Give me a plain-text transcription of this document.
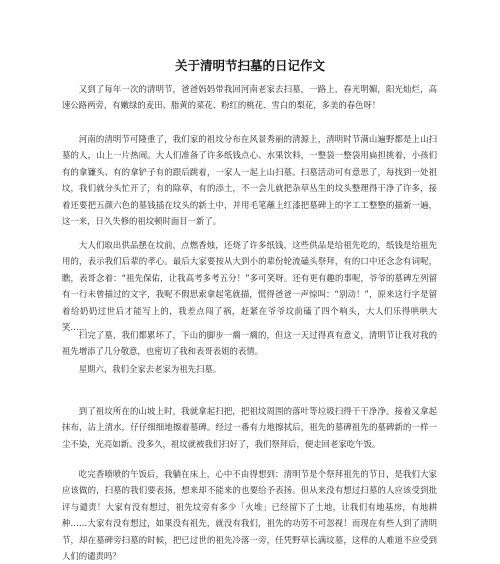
关于清明节扫墓的日记作文

又到了每年一次的清明节，爸爸妈妈带我回河南老家去扫墓，一路上，春光明媚，阳光灿烂，高速公路两旁，有嫩绿的麦田、脂黄的菜花、粉红的桃花、雪白的梨花，多美的春色呀！

河南的清明节可隆重了，我们家的祖坟分布在风景秀丽的清源上，清明时节满山遍野都是上山扫墓的人，山上一片热闹。大人们准备了许多纸钱点心、水果饮料，一整袋一整袋用扁担挑着，小孩们有的拿镰头、有的拿铲子有的跟后跳着，一家人一起上山扫墓。扫墓活动可有意思了，每找到一处祖坟，我们就分头忙开了，有的除草，有的添土，不一会儿就把杂草丛生的坟头整理得干净了许多，接着还要把五颜六色的墓钱插在坟头的新土中，并用毛笔蘸上红漆把墓碑上的字工工整整的描新一遍，这一来，日久失修的祖坟顿时面目一新了。

大人们取出供品摆在坟前，点燃香烛，还烧了许多纸钱，这些供品是给祖先吃的，纸钱是给祖先用的，表示我们后辈的孝心。最后大家要按从大到小的辈份轮流磕头祭拜，有的口中还念念有词呢，瞧，表哥念着：“祖先保佑，让我高考多考五分！”多可笑呀。还有更有趣的事呢，爷爷的墓碑左列留有一行未曾描过的文字，我呢不假思索拿起笔就描，慌得爸爸一声惊叫：“别动！”，原来这行字是留着给奶奶过世后才能写上的，我差点闯了祸，赶紧在爷爷坟前磕了四个响头，大人们乐得哄哄大笑……

扫完了墓，我们都累坏了，下山的脚步一瘸一瘸的，但这一天过得真有意义，清明节让我对我的祖先增添了几分敬意，也密切了我和表哥表姐的表情。

星期六，我们全家去老家为祖先扫墓。

到了祖坟所在的山坡上时，我就拿起扫把，把祖坟周围的落叶等垃圾扫得干干净净。接着又拿起抹布，沾上清水，仔仔细细地擦着墓碑。经过一番有力地擦拭后，祖先的墓碑祖先的墓碑新的一样一尘不染，光亮如新。没多久，祖坟就被我们扫好了，我们祭拜后，便走回老家吃午饭。

吃完香喷喷的午饭后，我躺在床上，心中不由得想到：清明节是个祭拜祖先的节日，是我们大家应该做的，扫墓的我们要表扬，想来却不能来的也要给予表扬。但从来没有想过扫墓的人应该受到批评与谴责！大家有没有想过，祖先坟旁有多少「火堆」已经留下了土地，让我们有地基房，有地耕种……大家有没有想过，如果没有祖先，就没有我们，祖先的功劳不可忽视！而现在有些人到了清明节，却在墓碑旁扫墓的时候，把已过世的祖先冷落一旁，任凭野草长满坟墓，这样的人难道不应受到人们的谴责吗？
